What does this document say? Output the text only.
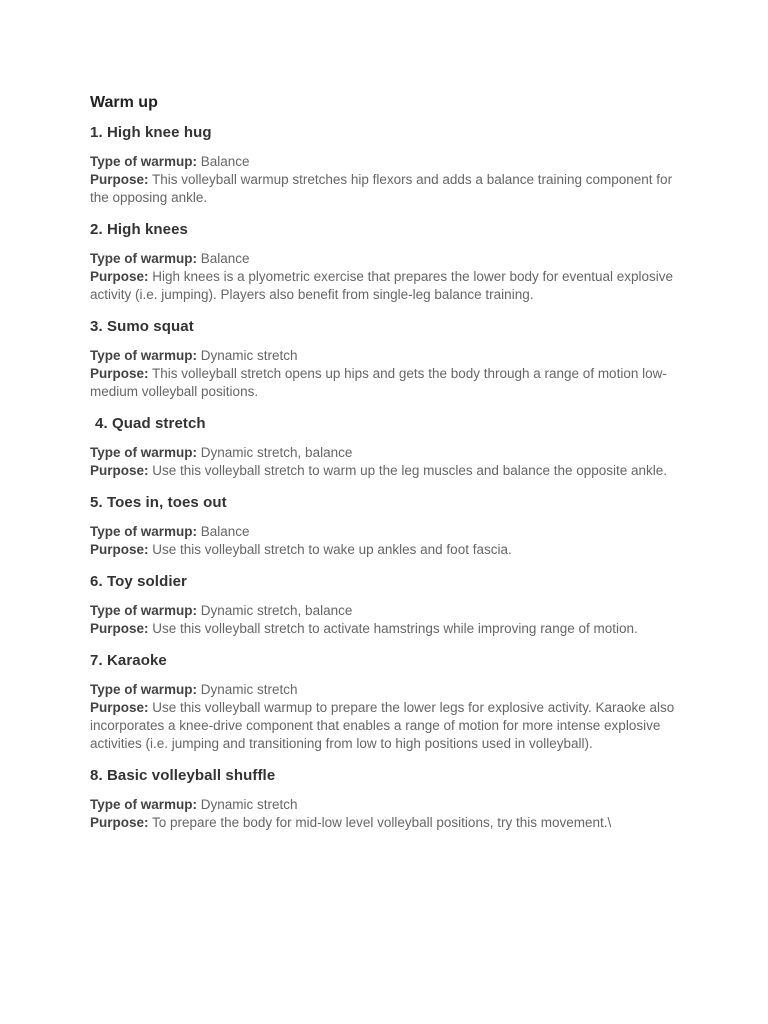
Warm up
1. High knee hug

Type of warmup: Balance

Purpose: This volleyball warmup stretches hip flexors and adds a balance training component for the opposing ankle.

2. High knees

Type of warmup: Balance

Purpose: High knees is a plyometric exercise that prepares the lower body for eventual explosive activity (i.e. jumping). Players also benefit from single-leg balance training.

3. Sumo squat

Type of warmup: Dynamic stretch

Purpose: This volleyball stretch opens up hips and gets the body through a range of motion low-medium volleyball positions.

4. Quad stretch

Type of warmup: Dynamic stretch, balance

Purpose: Use this volleyball stretch to warm up the leg muscles and balance the opposite ankle.

5. Toes in, toes out

Type of warmup: Balance

Purpose: Use this volleyball stretch to wake up ankles and foot fascia.

6. Toy soldier

Type of warmup: Dynamic stretch, balance

Purpose: Use this volleyball stretch to activate hamstrings while improving range of motion.

7. Karaoke

Type of warmup: Dynamic stretch

Purpose: Use this volleyball warmup to prepare the lower legs for explosive activity. Karaoke also incorporates a knee-drive component that enables a range of motion for more intense explosive activities (i.e. jumping and transitioning from low to high positions used in volleyball).

8. Basic volleyball shuffle

Type of warmup: Dynamic stretch

Purpose: To prepare the body for mid-low level volleyball positions, try this movement.\
